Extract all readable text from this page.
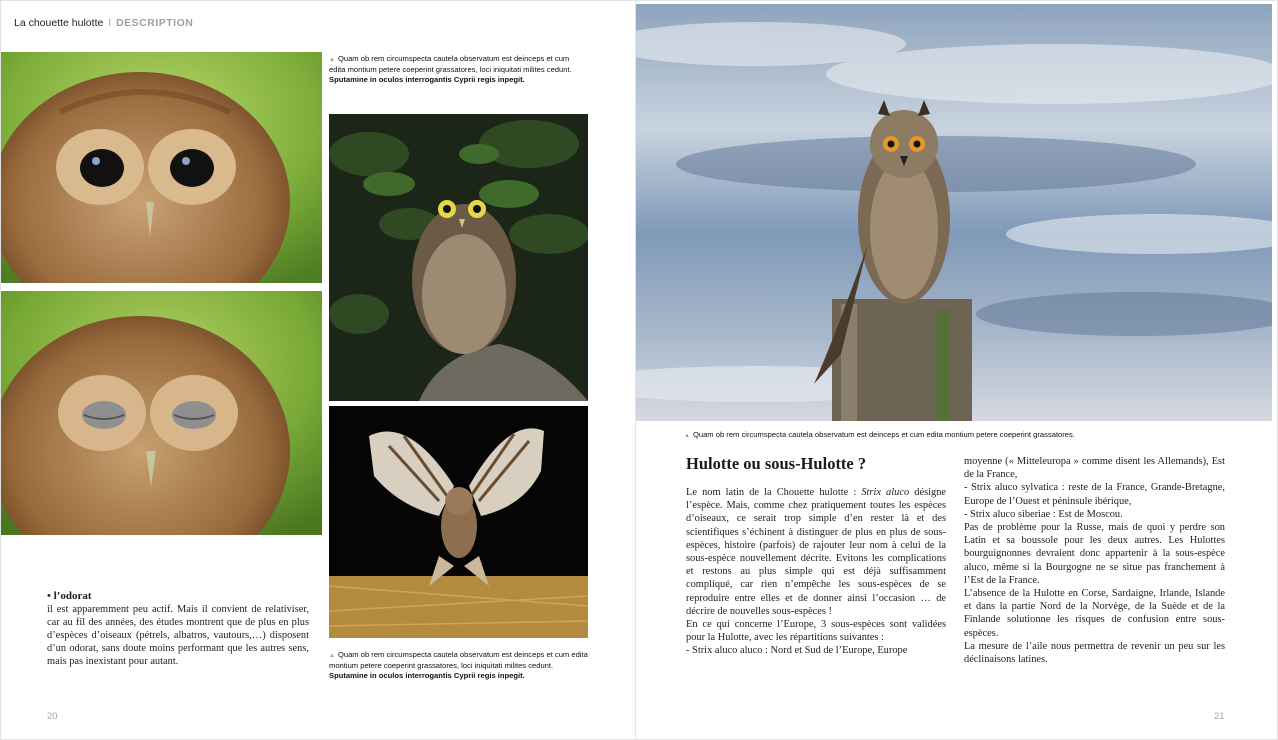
La chouette hulotte I DESCRIPTION
▲ Quam ob rem circumspecta cautela observatum est deinceps et cum edita montium petere coeperint grassatores, loci iniquitati milites cedunt.
Sputamine in oculos interrogantis Cyprii regis inpegit.
▲ Quam ob rem circumspecta cautela observatum est deinceps et cum edita montium petere coeperint grassatores, loci iniquitati milites cedunt.
Sputamine in oculos interrogantis Cyprii regis inpegit.
• l’odorat
il est apparemment peu actif. Mais il convient de relativiser, car au fil des années, des études montrent que de plus en plus d’espèces d’oiseaux (pétrels, albatros, vautours,…) disposent d’un odorat, sans doute moins performant que les autres sens, mais pas inexistant pour autant.
20
▲ Quam ob rem circumspecta cautela observatum est deinceps et cum edita montium petere coeperint grassatores.
21
Hulotte ou sous-Hulotte ?

Le nom latin de la Chouette hulotte : Strix aluco désigne l’espèce. Mais, comme chez pratiquement toutes les espèces d’oiseaux, ce serait trop simple d’en rester là et des scientifiques s’échinent à distinguer de plus en plus de sous-espèces, histoire (parfois) de rajouter leur nom à celui de la sous-espèce nouvellement décrite. Evitons les complications et restons au plus simple qui est déjà suffisamment compliqué, car rien n’empêche les sous-espèces de se reproduire entre elles et de donner ainsi l’occasion … de décrire de nouvelles sous-espèces !

En ce qui concerne l’Europe, 3 sous-espèces sont validées pour la Hulotte, avec les répartitions suivantes :

- Strix aluco aluco : Nord et Sud de l’Europe, Europe

moyenne (« Mitteleuropa » comme disent les Allemands), Est de la France,

- Strix aluco sylvatica : reste de la France, Grande-Bretagne, Europe de l’Ouest et péninsule ibérique,

- Strix aluco siberiae : Est de Moscou.

Pas de problème pour la Russe, mais de quoi y perdre son Latin et sa boussole pour les deux autres. Les Hulottes bourguignonnes devraient donc appartenir à la sous-espèce aluco, même si la Bourgogne ne se situe pas franchement à l’Est de la France.

L’absence de la Hulotte en Corse, Sardaigne, Irlande, Islande et dans la partie Nord de la Norvège, de la Suède et de la Finlande solutionne les risques de confusion entre sous-espèces.

La mesure de l’aile nous permettra de revenir un peu sur les déclinaisons latines.
